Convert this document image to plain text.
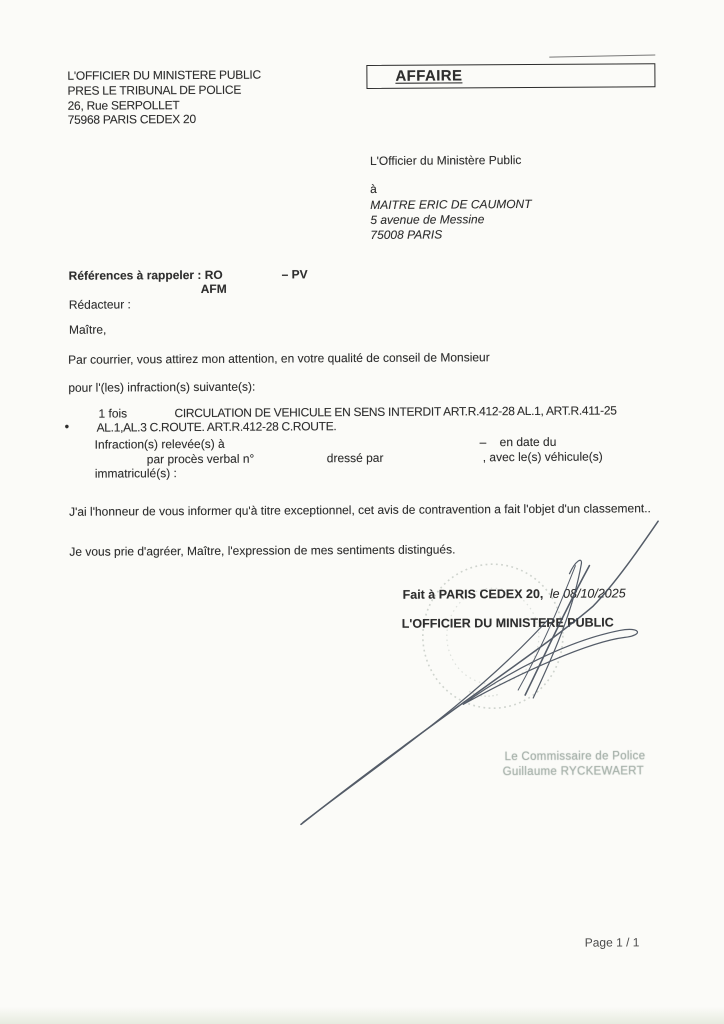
L'OFFICIER DU MINISTERE PUBLIC
PRES LE TRIBUNAL DE POLICE
26, Rue SERPOLLET
75968 PARIS CEDEX 20
AFFAIRE
L'Officier du Ministère Public
à
MAITRE ERIC DE CAUMONT
5 avenue de Messine
75008 PARIS
Références à rappeler : RO	– PV
AFM
Rédacteur :
Maître,
Par courrier, vous attirez mon attention, en votre qualité de conseil de Monsieur
pour l'(les) infraction(s) suivante(s):
•
1 fois	CIRCULATION DE VEHICULE EN SENS INTERDIT ART.R.412-28 AL.1, ART.R.411-25
AL.1,AL.3 C.ROUTE. ART.R.412-28 C.ROUTE.
Infraction(s) relevée(s) à	– en date du
par procès verbal n°	dressé par	, avec le(s) véhicule(s)
immatriculé(s) :
J'ai l'honneur de vous informer qu'à titre exceptionnel, cet avis de contravention a fait l'objet d'un classement..
Je vous prie d'agréer, Maître, l'expression de mes sentiments distingués.
Fait à PARIS CEDEX 20, le 08/10/2025
L'OFFICIER DU MINISTERE PUBLIC
Le Commissaire de Police
Guillaume RYCKEWAERT
Page 1 / 1
